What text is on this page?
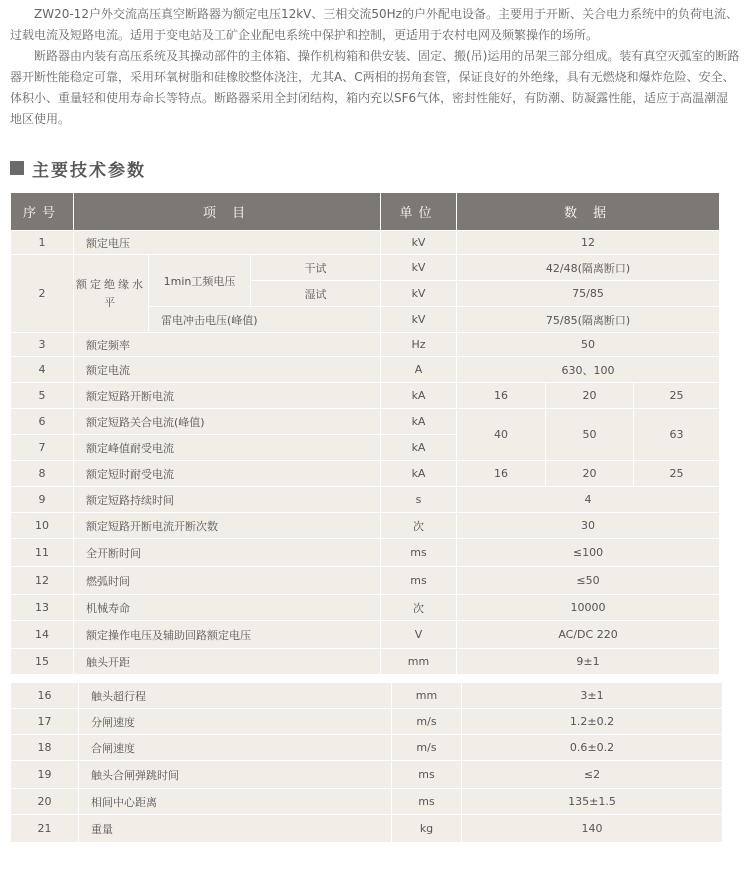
ZW20-12户外交流高压真空断路器为额定电压12kV、三相交流50Hz的户外配电设备。主要用于开断、关合电力系统中的负荷电流、过载电流及短路电流。适用于变电站及工矿企业配电系统中保护和控制，更适用于农村电网及频繁操作的场所。

断路器由内装有高压系统及其操动部件的主体箱、操作机构箱和供安装、固定、搬(吊)运用的吊架三部分组成。装有真空灭弧室的断路器开断性能稳定可靠，采用环氧树脂和硅橡胶整体浇注，尤其A、C两相的拐角套管，保证良好的外绝缘，具有无燃烧和爆炸危险、安全、体积小、重量轻和使用寿命长等特点。断路器采用全封闭结构，箱内充以SF6气体，密封性能好，有防潮、防凝露性能，适应于高温潮湿地区使用。

主要技术参数
序号	项 目			单位	数 据		
1	额定电压			kV	12		
2	额定绝缘水平	1min工频电压	干试	kV	42/48(隔离断口)		
			湿试	kV	75/85		
		雷电冲击电压(峰值)		kV	75/85(隔离断口)		
3	额定频率			Hz	50		
4	额定电流			A	630、100		
5	额定短路开断电流			kA	16	20	25
6	额定短路关合电流(峰值)			kA	40	50	63
7	额定峰值耐受电流			kA			
8	额定短时耐受电流			kA	16	20	25
9	额定短路持续时间			s	4		
10	额定短路开断电流开断次数			次	30		
11	全开断时间			ms	≤100		
12	燃弧时间			ms	≤50		
13	机械寿命			次	10000		
14	额定操作电压及辅助回路额定电压			V	AC/DC 220		
15	触头开距			mm	9±1		
16	触头超行程	mm	3±1
17	分闸速度	m/s	1.2±0.2
18	合闸速度	m/s	0.6±0.2
19	触头合闸弹跳时间	ms	≤2
20	相间中心距离	ms	135±1.5
21	重量	kg	140
